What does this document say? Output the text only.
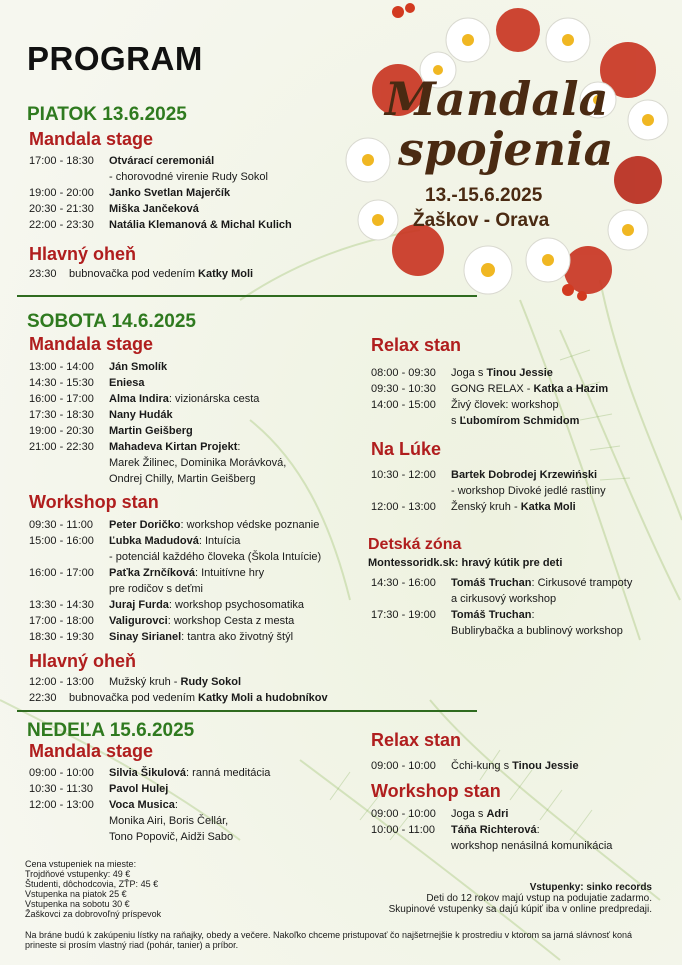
Mandala
spojenia
13.-15.6.2025
Žaškov - Orava
PROGRAM
PIATOK 13.6.2025
Mandala stage
17:00 - 18:30	Otvárací ceremoniál
- chorovodné virenie Rudy Sokol
19:00 - 20:00	Janko Svetlan Majerčík
20:30 - 21:30	Miška Jančeková
22:00 - 23:30	Natália Klemanová & Michal Kulich
Hlavný oheň
23:30	bubnovačka pod vedením
Katky Moli
SOBOTA 14.6.2025
Mandala stage
13:00 - 14:00	Ján Smolík
14:30 - 15:30	Eniesa
16:00 - 17:00	Alma Indira: vizionárska cesta
17:30 - 18:30	Nany Hudák
19:00 - 20:30	Martin Geišberg
21:00 - 22:30	Mahadeva Kirtan Projekt:
Marek Žilinec, Dominika Morávková,
Ondrej Chilly, Martin Geišberg
Workshop stan
09:30 - 11:00	Peter Doričko: workshop védske poznanie
15:00 - 16:00	Ľubka Madudová: Intuícia
- potenciál každého človeka (Škola Intuície)
16:00 - 17:00	Paťka Zrnčíková: Intuitívne hry
pre rodičov s deťmi
13:30 - 14:30	Juraj Furda: workshop psychosomatika
17:00 - 18:00	Valigurovci: workshop Cesta z mesta
18:30 - 19:30	Sinay Sirianel: tantra ako životný štýl
Hlavný oheň
12:00 - 13:00	Mužský kruh - Rudy Sokol
22:30	bubnovačka pod vedením Katky Moli a hudobníkov
Relax stan
08:00 - 09:30	Joga s Tinou Jessie
09:30 - 10:30	GONG RELAX - Katka a Hazim
14:00 - 15:00	Živý človek: workshop
s Ľubomírom Schmidom
Na Lúke
10:30 - 12:00	Bartek Dobrodej Krzewiński
- workshop Divoké jedlé rastliny
12:00 - 13:00	Ženský kruh - Katka Moli
Detská zóna
Montessoridk.sk: hravý kútik pre deti
14:30 - 16:00	Tomáš Truchan: Cirkusové trampoty
a cirkusový workshop
17:30 - 19:00	Tomáš Truchan:
Bublirybačka a bublinový workshop
NEDEĽA 15.6.2025
Mandala stage
09:00 - 10:00	Silvia Šikulová: ranná meditácia
10:30 - 11:30	Pavol Hulej
12:00 - 13:00	Voca Musica:
Monika Airi, Boris Čellár,
Tono Popovič, Aidži Sabo
Relax stan
09:00 - 10:00	Čchi-kung s Tinou Jessie
Workshop stan
09:00 - 10:00	Joga s Adri
10:00 - 11:00	Táňa Richterová:
workshop nenásilná komunikácia
Cena vstupeniek na mieste:
Trojdňové vstupenky: 49 €
Študenti, dôchodcovia, ZŤP: 45 €
Vstupenka na piatok 25 €
Vstupenka na sobotu 30 €
Žaškovci za dobrovoľný príspevok
Vstupenky: sinko records
Deti do 12 rokov majú vstup na podujatie zadarmo.
Skupinové vstupenky sa dajú kúpiť iba v online predpredaji.
Na bráne budú k zakúpeniu lístky na raňajky, obedy a večere. Nakoľko chceme pristupovať čo najšetrnejšie k prostrediu v ktorom sa jarná slávnosť koná
prineste si prosím vlastný riad (pohár, tanier) a príbor.
